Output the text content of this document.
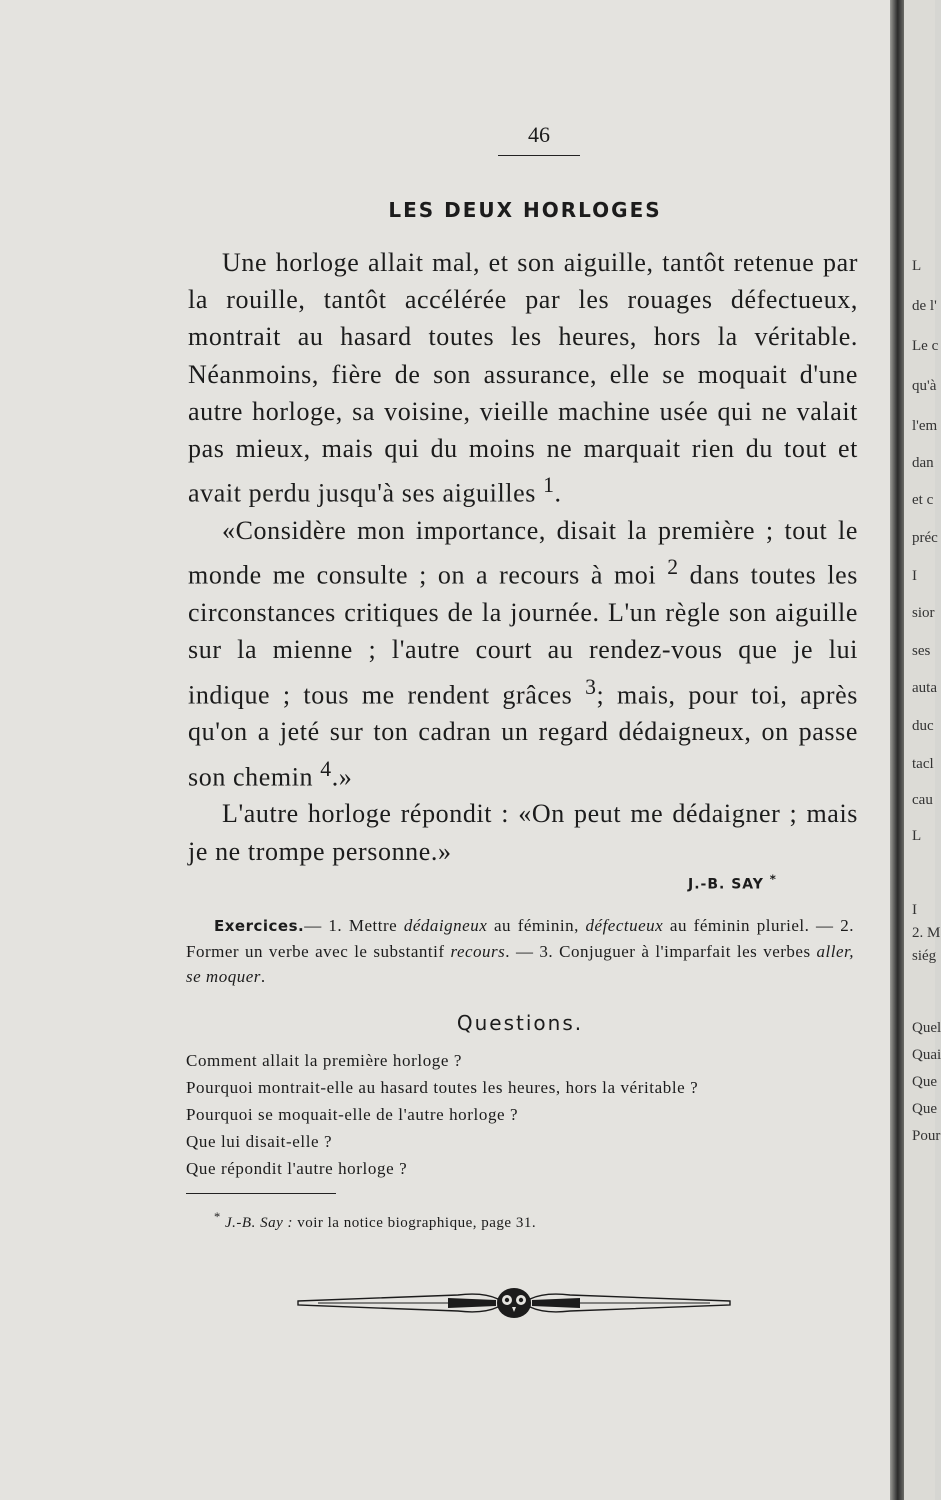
46
LES DEUX HORLOGES

Une horloge allait mal, et son aiguille, tantôt retenue par la rouille, tantôt accélérée par les rouages défectueux, montrait au hasard toutes les heures, hors la véritable. Néanmoins, fière de son assurance, elle se moquait d'une autre horloge, sa voisine, vieille machine usée qui ne valait pas mieux, mais qui du moins ne marquait rien du tout et avait perdu jusqu'à ses aiguilles $^1$.

«Considère mon importance, disait la première ; tout le monde me consulte ; on a recours à moi $^2$ dans toutes les circonstances critiques de la journée. L'un règle son aiguille sur la mienne ; l'autre court au rendez-vous que je lui indique ; tous me rendent grâces $^3$; mais, pour toi, après qu'on a jeté sur ton cadran un regard dédaigneux, on passe son chemin $^4$.»

L'autre horloge répondit : «On peut me dédaigner ; mais je ne trompe personne.»

J.-B. SAY *
Exercices.— 1. Mettre dédaigneux au féminin, défectueux au féminin pluriel. — 2. Former un verbe avec le substantif recours. — 3. Conjuguer à l'imparfait les verbes aller, se moquer.
Questions.
Comment allait la première horloge ?
Pourquoi montrait-elle au hasard toutes les heures, hors la véritable ?
Pourquoi se moquait-elle de l'autre horloge ?
Que lui disait-elle ?
Que répondit l'autre horloge ?
* J.-B. Say : voir la notice biographique, page 31.
L
de l'
Le c
qu'à
l'em
dan
et c
préc
I
sior
ses
auta
duc
tacl
cau
L
I
2. M
siég
Quel
Quai
Que
Que
Pour
